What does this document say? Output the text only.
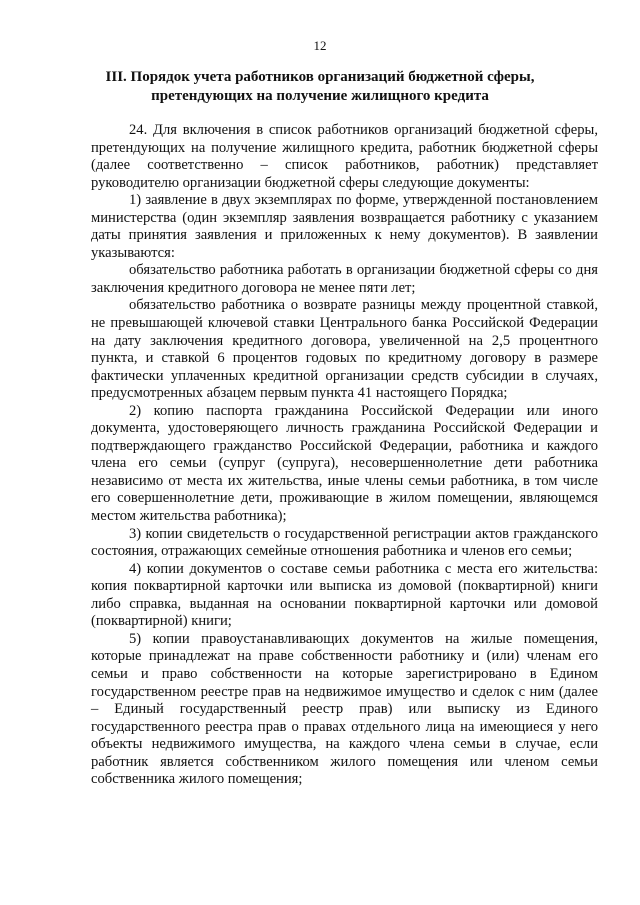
12
III. Порядок учета работников организаций бюджетной сферы,
претендующих на получение жилищного кредита

24. Для включения в список работников организаций бюджетной сферы, претендующих на получение жилищного кредита, работник бюджетной сферы (далее соответственно – список работников, работник) представляет руководителю организации бюджетной сферы следующие документы:

1) заявление в двух экземплярах по форме, утвержденной постановлением министерства (один экземпляр заявления возвращается работнику с указанием даты принятия заявления и приложенных к нему документов). В заявлении указываются:

обязательство работника работать в организации бюджетной сферы со дня заключения кредитного договора не менее пяти лет;

обязательство работника о возврате разницы между процентной ставкой, не превышающей ключевой ставки Центрального банка Российской Федерации на дату заключения кредитного договора, увеличенной на 2,5 процентного пункта, и ставкой 6 процентов годовых по кредитному договору в размере фактически уплаченных кредитной организации средств субсидии в случаях, предусмотренных абзацем первым пункта 41 настоящего Порядка;

2) копию паспорта гражданина Российской Федерации или иного документа, удостоверяющего личность гражданина Российской Федерации и подтверждающего гражданство Российской Федерации, работника и каждого члена его семьи (супруг (супруга), несовершеннолетние дети работника независимо от места их жительства, иные члены семьи работника, в том числе его совершеннолетние дети, проживающие в жилом помещении, являющемся местом жительства работника);

3) копии свидетельств о государственной регистрации актов гражданского состояния, отражающих семейные отношения работника и членов его семьи;

4) копии документов о составе семьи работника с места его жительства: копия поквартирной карточки или выписка из домовой (поквартирной) книги либо справка, выданная на основании поквартирной карточки или домовой (поквартирной) книги;

5) копии правоустанавливающих документов на жилые помещения, которые принадлежат на праве собственности работнику и (или) членам его семьи и право собственности на которые зарегистрировано в Едином государственном реестре прав на недвижимое имущество и сделок с ним (далее – Единый государственный реестр прав) или выписку из Единого государственного реестра прав о правах отдельного лица на имеющиеся у него объекты недвижимого имущества, на каждого члена семьи в случае, если работник является собственником жилого помещения или членом семьи собственника жилого помещения;
